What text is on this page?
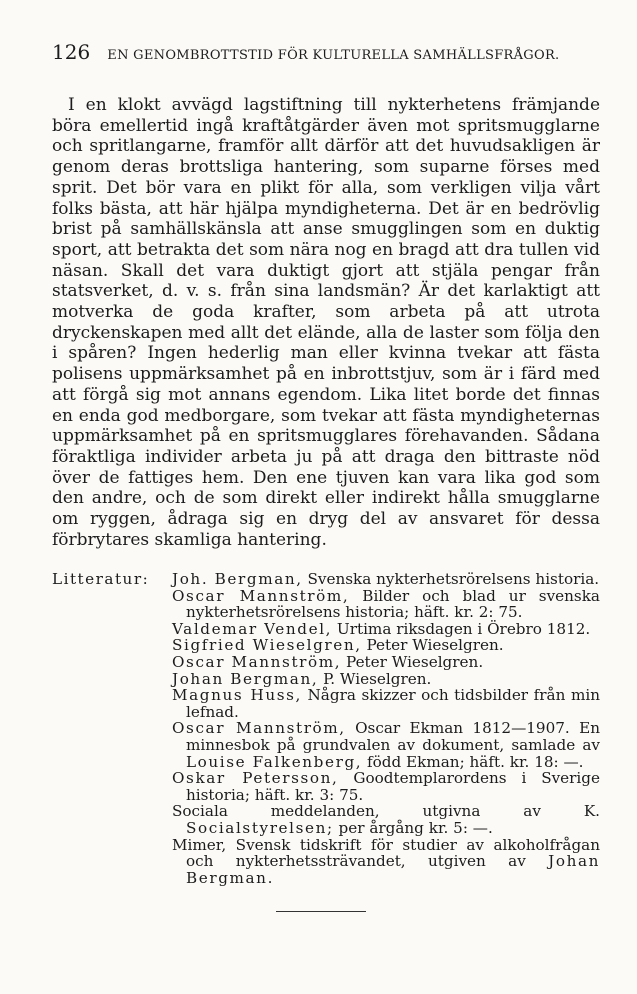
126 EN GENOMBROTTSTID FÖR KULTURELLA SAMHÄLLSFRÅGOR.

I en klokt avvägd lagstiftning till nykterhetens främjande böra emellertid ingå kraftåtgärder även mot spritsmugglarne och spritlangarne, framför allt därför att det huvudsakligen är genom deras brottsliga hantering, som suparne förses med sprit. Det bör vara en plikt för alla, som verkligen vilja vårt folks bästa, att här hjälpa myndigheterna. Det är en bedrövlig brist på samhällskänsla att anse smugglingen som en duktig sport, att betrakta det som nära nog en bragd att dra tullen vid näsan. Skall det vara duktigt gjort att stjäla pengar från statsverket, d. v. s. från sina landsmän? Är det karlaktigt att motverka de goda krafter, som arbeta på att utrota dryckenskapen med allt det elände, alla de laster som följa den i spåren? Ingen hederlig man eller kvinna tvekar att fästa polisens uppmärksamhet på en inbrottstjuv, som är i färd med att förgå sig mot annans egendom. Lika litet borde det finnas en enda god medborgare, som tvekar att fästa myndigheternas uppmärksamhet på en spritsmugglares förehavanden. Sådana föraktliga individer arbeta ju på att draga den bittraste nöd över de fattiges hem. Den ene tjuven kan vara lika god som den andre, och de som direkt eller indirekt hålla smugglarne om ryggen, ådraga sig en dryg del av ansvaret för dessa förbrytares skamliga hantering.

Litteratur:	Joh. Bergman, Svenska nykterhetsrörelsens historia.
Oscar Mannström, Bilder och blad ur svenska nykterhetsrörelsens historia; häft. kr. 2: 75.
Valdemar Vendel, Urtima riksdagen i Örebro 1812.
Sigfried Wieselgren, Peter Wieselgren.
Oscar Mannström, Peter Wieselgren.
Johan Bergman, P. Wieselgren.
Magnus Huss, Några skizzer och tidsbilder från min lefnad.
Oscar Mannström, Oscar Ekman 1812—1907. En minnesbok på grundvalen av dokument, samlade av Louise Falkenberg, född Ekman; häft. kr. 18: —.
Oskar Petersson, Goodtemplarordens i Sverige historia; häft. kr. 3: 75.
Sociala meddelanden, utgivna av K. Socialstyrelsen; per årgång kr. 5: —.
Mimer, Svensk tidskrift för studier av alkoholfrågan och nykterhetssträvandet, utgiven av Johan Bergman.
